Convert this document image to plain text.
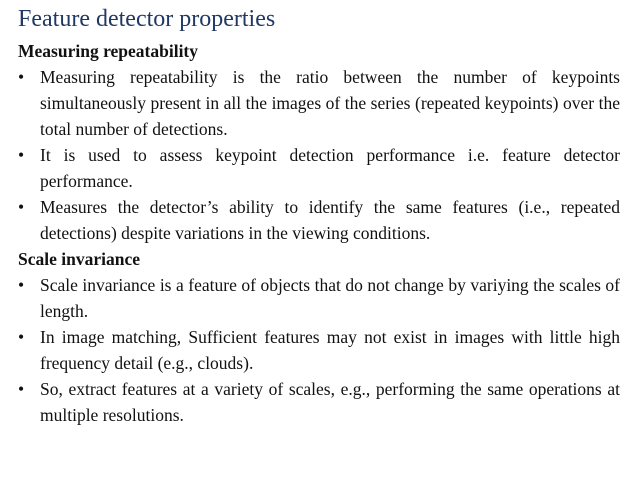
Feature detector properties
Measuring repeatability
• Measuring repeatability is the ratio between the number of keypoints simultaneously present in all the images of the series (repeated keypoints) over the total number of detections.
• It is used to assess keypoint detection performance i.e. feature detector performance.
• Measures the detector’s ability to identify the same features (i.e., repeated detections) despite variations in the viewing conditions.
Scale invariance
• Scale invariance is a feature of objects that do not change by variying the scales of length.
• In image matching, Sufficient features may not exist in images with little high frequency detail (e.g., clouds).
• So, extract features at a variety of scales, e.g., performing the same operations at multiple resolutions.
